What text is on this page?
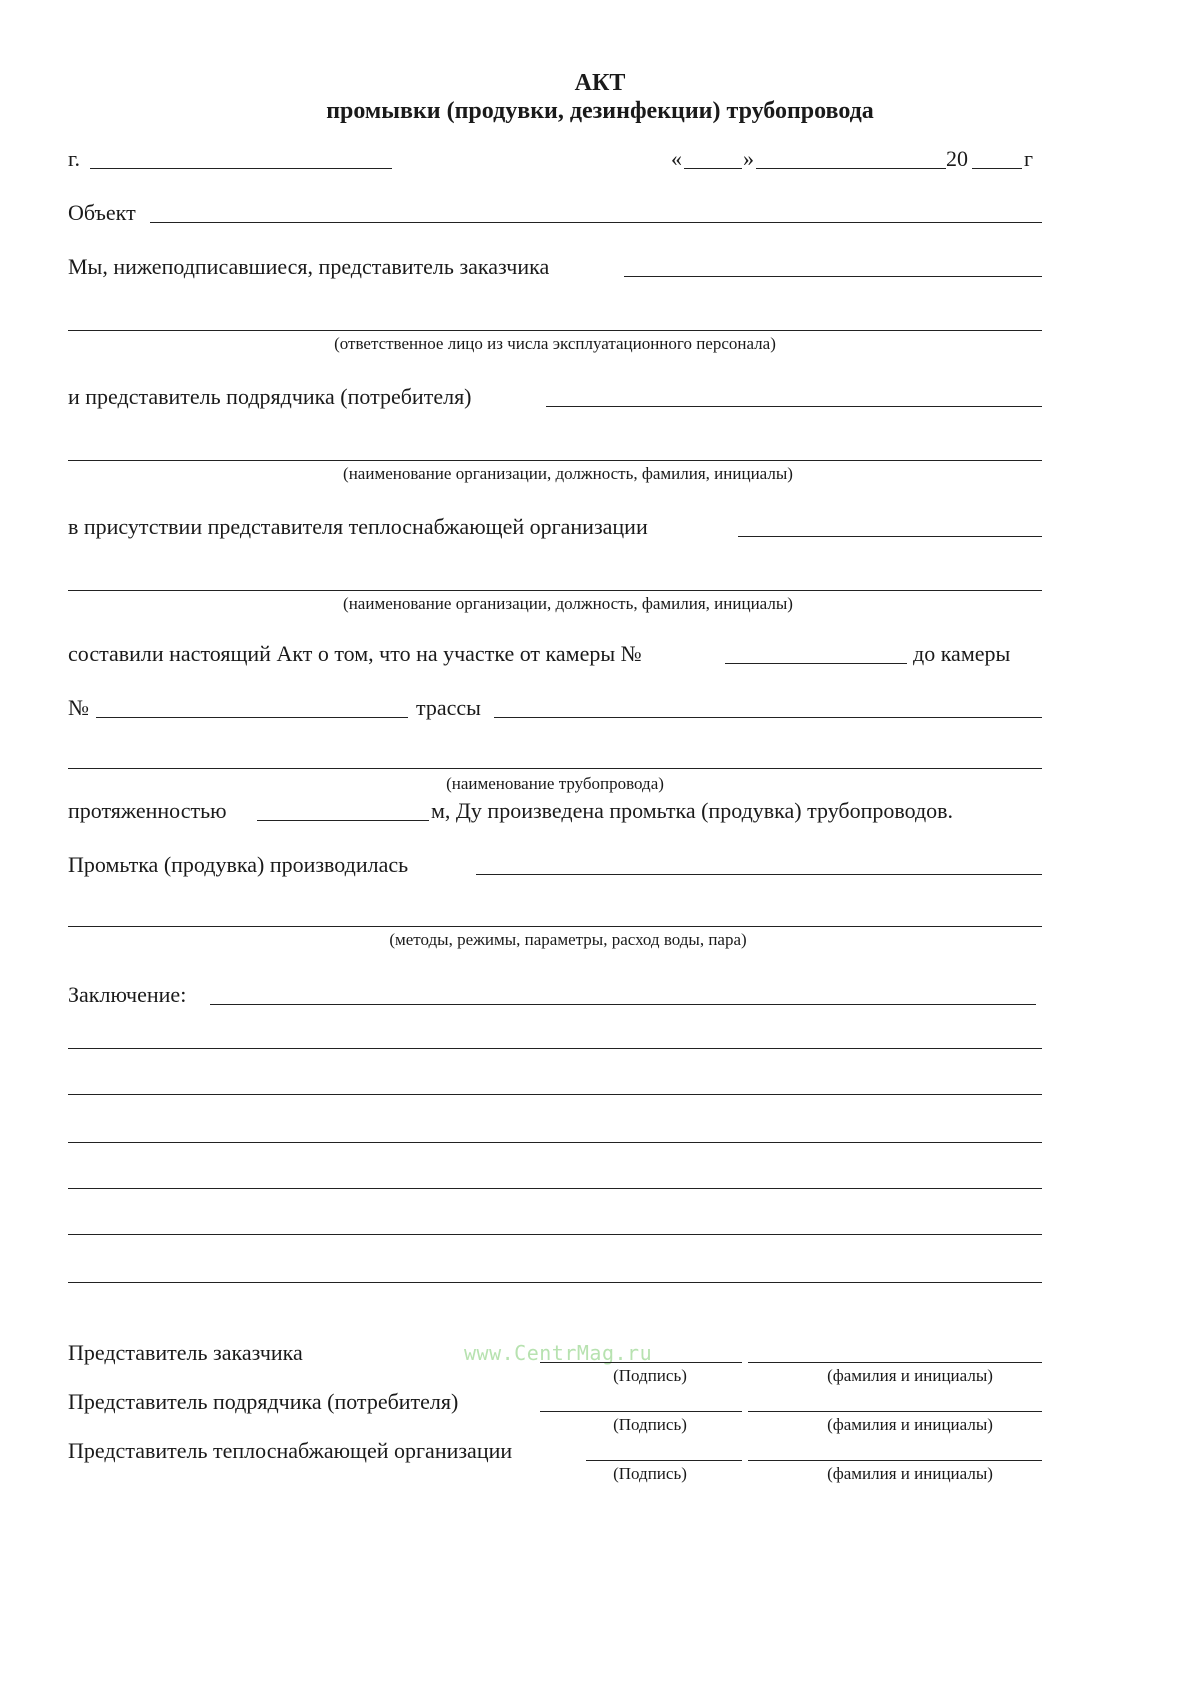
АКТ
промывки (продувки, дезинфекции) трубопровода
г.	«	»	20	г
Объект
Мы, нижеподписавшиеся, представитель заказчика
(ответственное лицо из числа эксплуатационного персонала)
и представитель подрядчика (потребителя)
(наименование организации, должность, фамилия, инициалы)
в присутствии представителя теплоснабжающей организации
(наименование организации, должность, фамилия, инициалы)
составили настоящий Акт о том, что на участке от камеры №	до камеры
№	трассы
(наименование трубопровода)
протяженностью	м, Ду произведена промьтка (продувка) трубопроводов.
Промьтка (продувка) производилась
(методы, режимы, параметры, расход воды, пара)
Заключение:
www.CentrMag.ru
Представитель заказчика
(Подпись)	(фамилия и инициалы)
Представитель подрядчика (потребителя)
(Подпись)	(фамилия и инициалы)
Представитель теплоснабжающей организации
(Подпись)	(фамилия и инициалы)
